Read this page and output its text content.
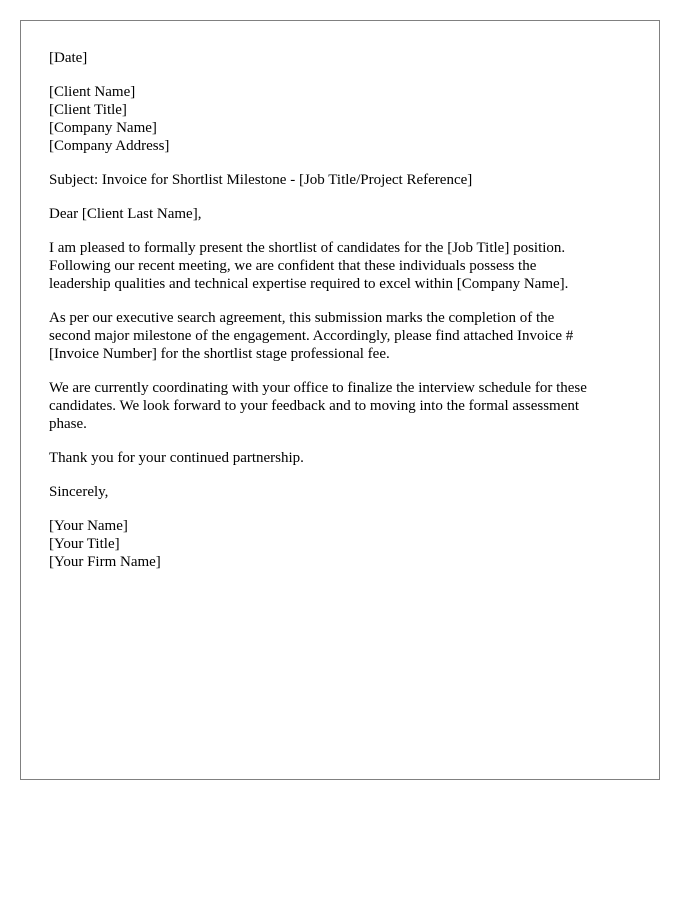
[Date]
[Client Name]
[Client Title]
[Company Name]
[Company Address]
Subject: Invoice for Shortlist Milestone - [Job Title/Project Reference]
Dear [Client Last Name],
I am pleased to formally present the shortlist of candidates for the [Job Title] position.
Following our recent meeting, we are confident that these individuals possess the
leadership qualities and technical expertise required to excel within [Company Name].
As per our executive search agreement, this submission marks the completion of the
second major milestone of the engagement. Accordingly, please find attached Invoice #
[Invoice Number] for the shortlist stage professional fee.
We are currently coordinating with your office to finalize the interview schedule for these
candidates. We look forward to your feedback and to moving into the formal assessment
phase.
Thank you for your continued partnership.
Sincerely,
[Your Name]
[Your Title]
[Your Firm Name]
